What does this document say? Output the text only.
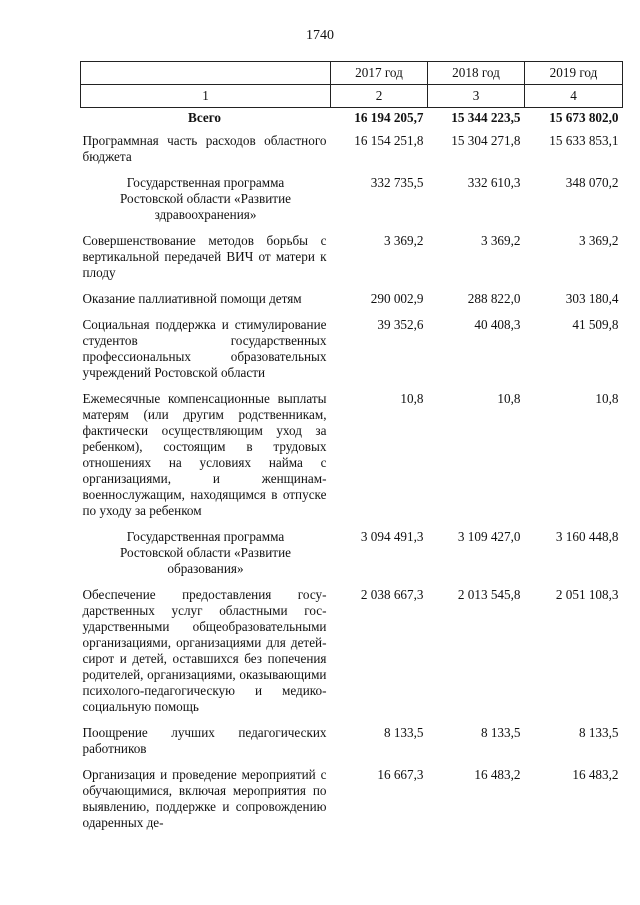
1740
	2017 год	2018 год	2019 год
1	2	3	4
Всего	16 194 205,7	15 344 223,5	15 673 802,0
Программная часть расходов областного бюджета	16 154 251,8	15 304 271,8	15 633 853,1
Государственная программа Ростовской области «Развитие здравоохранения»	332 735,5	332 610,3	348 070,2
Совершенствование методов борьбы с вертикальной передачей ВИЧ от матери к плоду	3 369,2	3 369,2	3 369,2
Оказание паллиативной помощи детям	290 002,9	288 822,0	303 180,4
Социальная поддержка и стимулирование студентов государственных профессиональных образовательных учреждений Ростовской области	39 352,6	40 408,3	41 509,8
Ежемесячные компенсационные выплаты матерям (или другим родственникам, фактически осуществляющим уход за ребенком), состоящим в трудовых отношениях на условиях найма с организациями, и женщинам-военнослужащим, находящимся в отпуске по уходу за ребенком	10,8	10,8	10,8
Государственная программа Ростовской области «Развитие образования»	3 094 491,3	3 109 427,0	3 160 448,8
Обеспечение предоставления государственных услуг областными государственными общеобразовательными организациями, организациями для детей-сирот и детей, оставшихся без попечения родителей, организациями, оказывающими психолого-педагогическую и медико-социальную помощь	2 038 667,3	2 013 545,8	2 051 108,3
Поощрение лучших педагогических работников	8 133,5	8 133,5	8 133,5
Организация и проведение мероприятий с обучающимися, включая мероприятия по выявлению, поддержке и сопровождению одаренных де-	16 667,3	16 483,2	16 483,2
